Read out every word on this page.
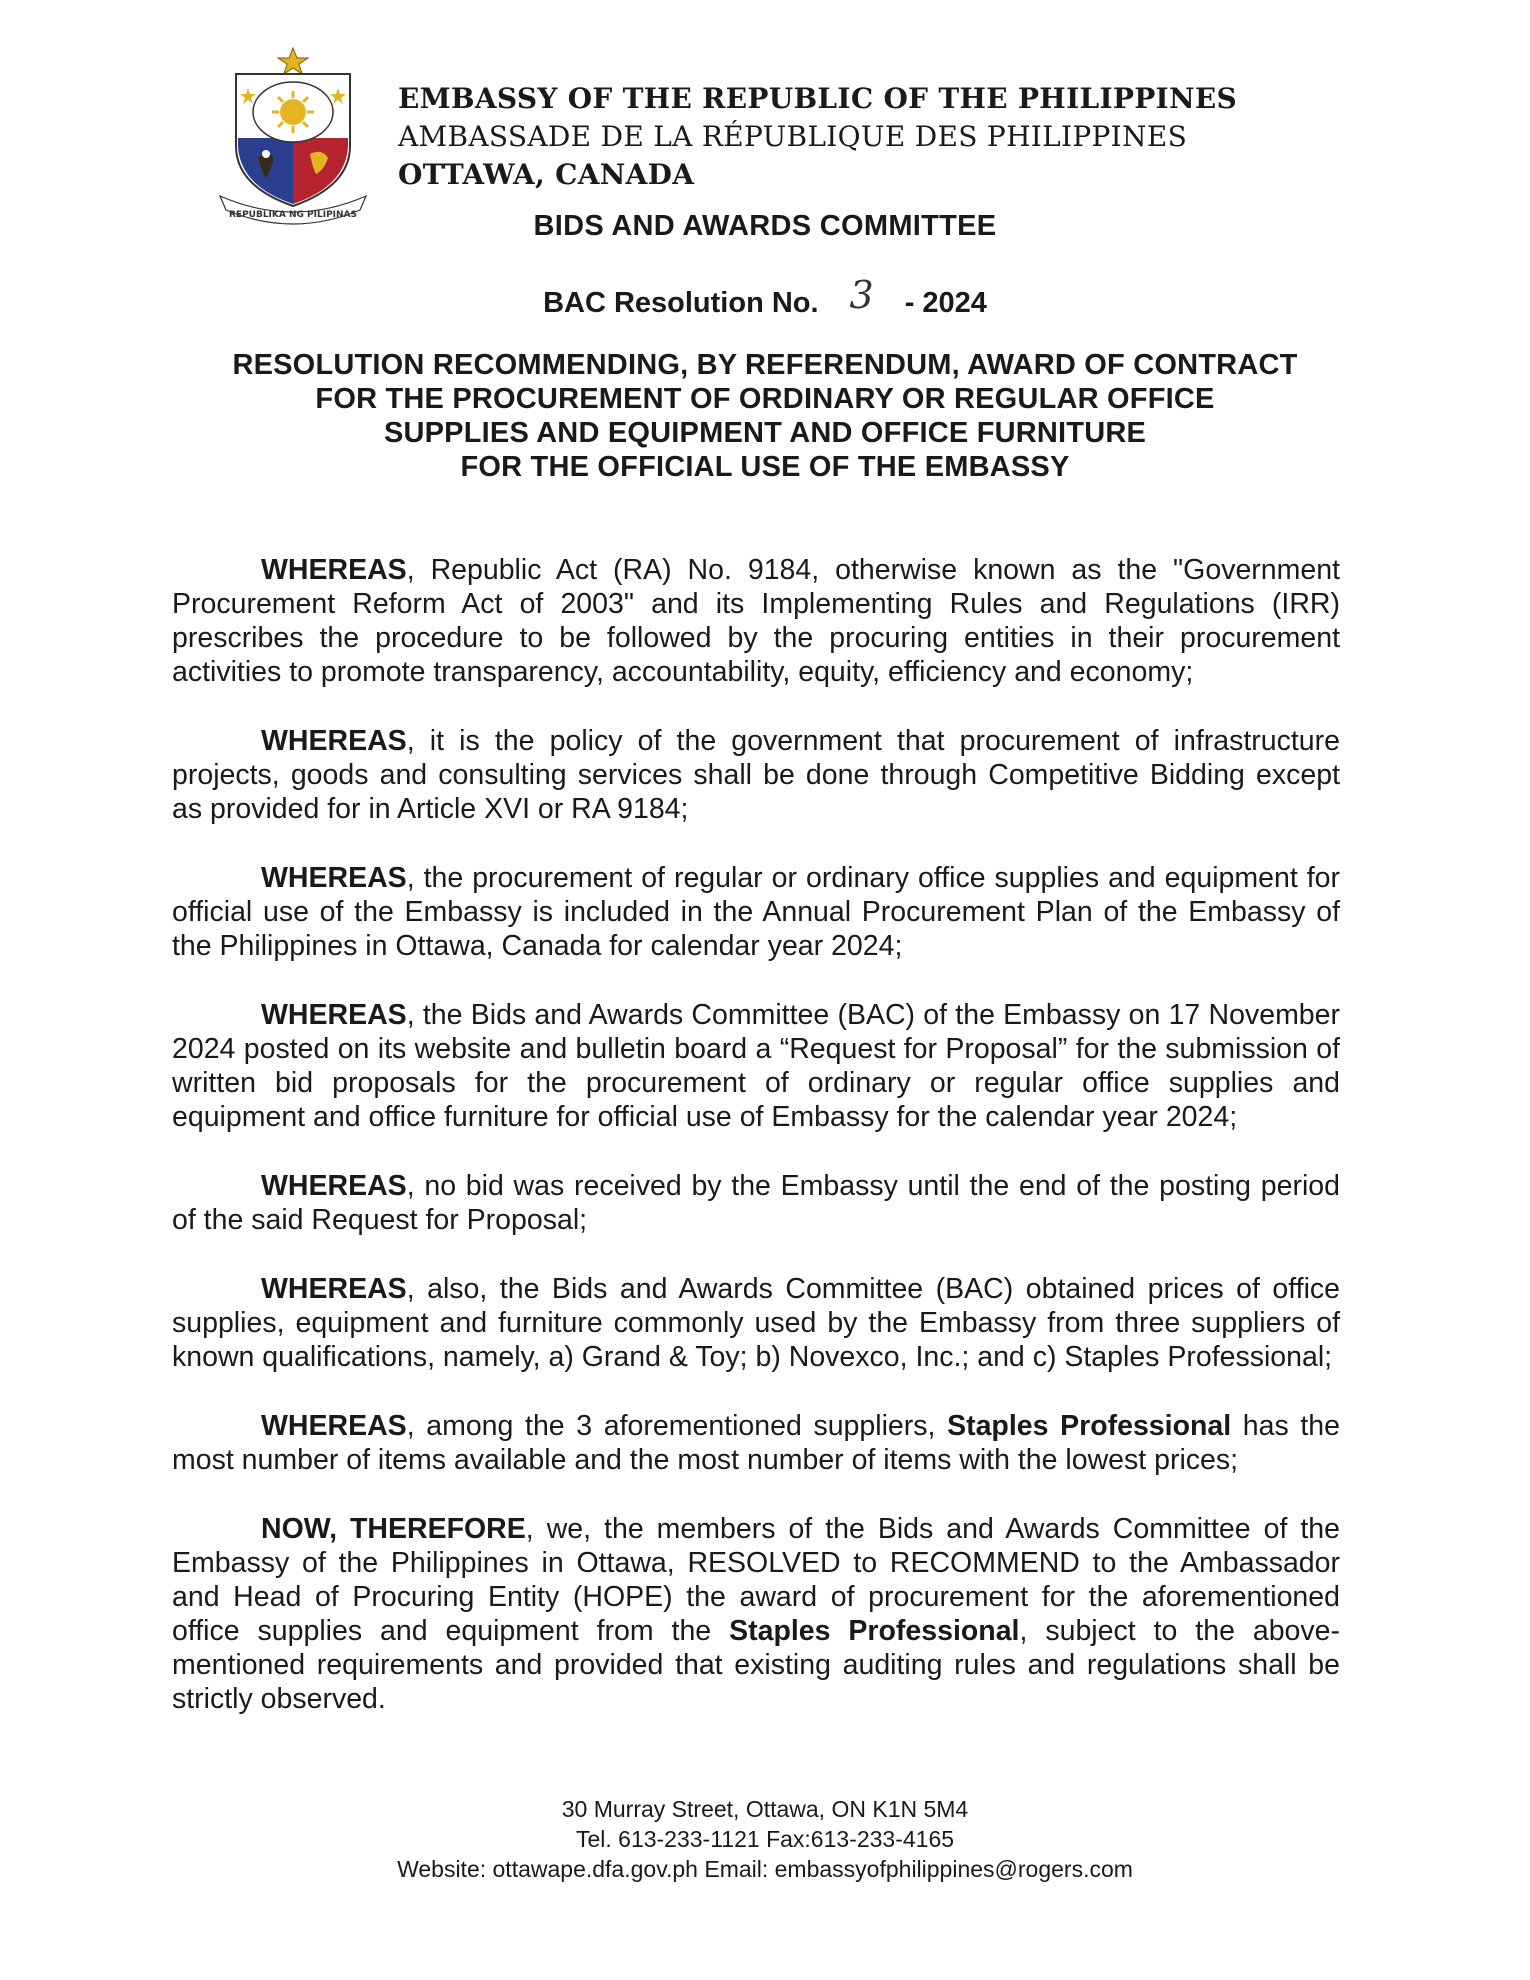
REPUBLIKA NG PILIPINAS
EMBASSY OF THE REPUBLIC OF THE PHILIPPINES
AMBASSADE DE LA RÉPUBLIQUE DES PHILIPPINES
OTTAWA, CANADA
BIDS AND AWARDS COMMITTEE
BAC Resolution No. 3 - 2024
RESOLUTION RECOMMENDING, BY REFERENDUM, AWARD OF CONTRACT
FOR THE PROCUREMENT OF ORDINARY OR REGULAR OFFICE
SUPPLIES AND EQUIPMENT AND OFFICE FURNITURE
FOR THE OFFICIAL USE OF THE EMBASSY

WHEREAS, Republic Act (RA) No. 9184, otherwise known as the "Government Procurement Reform Act of 2003" and its Implementing Rules and Regulations (IRR) prescribes the procedure to be followed by the procuring entities in their procurement activities to promote transparency, accountability, equity, efficiency and economy;

WHEREAS, it is the policy of the government that procurement of infrastructure projects, goods and consulting services shall be done through Competitive Bidding except as provided for in Article XVI or RA 9184;

WHEREAS, the procurement of regular or ordinary office supplies and equipment for official use of the Embassy is included in the Annual Procurement Plan of the Embassy of the Philippines in Ottawa, Canada for calendar year 2024;

WHEREAS, the Bids and Awards Committee (BAC) of the Embassy on 17 November 2024 posted on its website and bulletin board a “Request for Proposal” for the submission of written bid proposals for the procurement of ordinary or regular office supplies and equipment and office furniture for official use of Embassy for the calendar year 2024;

WHEREAS, no bid was received by the Embassy until the end of the posting period of the said Request for Proposal;

WHEREAS, also, the Bids and Awards Committee (BAC) obtained prices of office supplies, equipment and furniture commonly used by the Embassy from three suppliers of known qualifications, namely, a) Grand & Toy; b) Novexco, Inc.; and c) Staples Professional;

WHEREAS, among the 3 aforementioned suppliers, Staples Professional has the most number of items available and the most number of items with the lowest prices;

NOW, THEREFORE, we, the members of the Bids and Awards Committee of the Embassy of the Philippines in Ottawa, RESOLVED to RECOMMEND to the Ambassador and Head of Procuring Entity (HOPE) the award of procurement for the aforementioned office supplies and equipment from the Staples Professional, subject to the above-mentioned requirements and provided that existing auditing rules and regulations shall be strictly observed.

30 Murray Street, Ottawa, ON K1N 5M4
Tel. 613-233-1121 Fax:613-233-4165
Website: ottawape.dfa.gov.ph Email: embassyofphilippines@rogers.com
